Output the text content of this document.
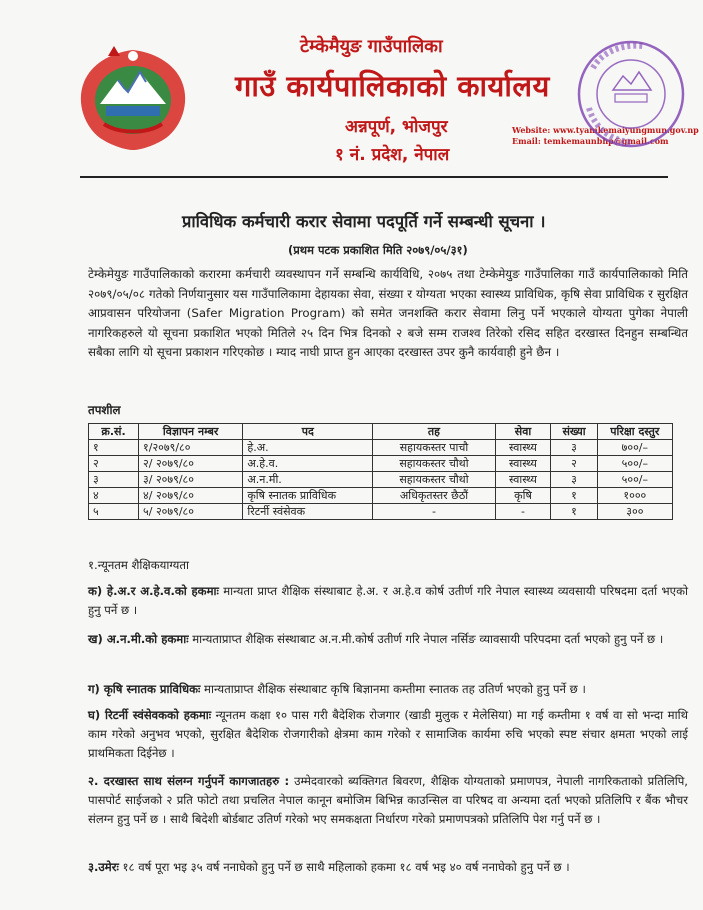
टेम्केमैयुङ गाउँपालिका
गाउँ कार्यपालिकाको कार्यालय
अन्नपूर्ण, भोजपुर
१ नं. प्रदेश, नेपाल
Website: www.tyamkemaiyungmun.gov.np
Email: temkemaunbhp@gmail.com
प्राविधिक कर्मचारी करार सेवामा पदपूर्ति गर्ने सम्बन्धी सूचना ।
(प्रथम पटक प्रकाशित मिति २०७९/०५/३१)
टेम्केमेयुङ गाउँपालिकाको करारमा कर्मचारी व्यवस्थापन गर्ने सम्बन्धि कार्यविधि, २०७५ तथा टेम्केमेयुङ गाउँपालिका गाउँ कार्यपालिकाको मिति २०७९/०५/०८ गतेको निर्णयानुसार यस गाउँपालिकामा देहायका सेवा, संख्या र योग्यता भएका स्वास्थ्य प्राविधिक, कृषि सेवा प्राविधिक र सुरक्षित आप्रवासन परियोजना (Safer Migration Program) को समेत जनशक्ति करार सेवामा लिनु पर्ने भएकाले योग्यता पुगेका नेपाली नागरिकहरुले यो सूचना प्रकाशित भएको मितिले २५ दिन भित्र दिनको २ बजे सम्म राजश्व तिरेको रसिद सहित दरखास्त दिनहुन सम्बन्धित सबैका लागि यो सूचना प्रकाशन गरिएकोछ । म्याद नाघी प्राप्त हुन आएका दरखास्त उपर कुनै कार्यवाही हुने छैन ।
तपशील
क्र.सं.	विज्ञापन नम्बर	पद	तह	सेवा	संख्या	परिक्षा दस्तुर
१	१/२०७९/८०	हे.अ.	सहायकस्तर पाचौ	स्वास्थ्य	३	७००/–
२	२/ २०७९/८०	अ.हे.व.	सहायकस्तर चौथो	स्वास्थ्य	२	५००/–
३	३/ २०७९/८०	अ.न.मी.	सहायकस्तर चौथो	स्वास्थ्य	३	५००/–
४	४/ २०७९/८०	कृषि स्नातक प्राविधिक	अधिकृतस्तर छैठौं	कृषि	१	१०००
५	५/ २०७९/८०	रिटर्नी स्वंसेवक	-	-	१	३००
१.न्यूनतम शैक्षिकयाग्यता
क) हे.अ.र अ.हे.व.को हकमाः मान्यता प्राप्त शैक्षिक संस्थाबाट हे.अ. र अ.हे.व कोर्ष उतीर्ण गरि नेपाल स्वास्थ्य व्यवसायी परिषदमा दर्ता भएको हुनु पर्ने छ ।
ख) अ.न.मी.को हकमाः मान्यताप्राप्त शैक्षिक संस्थाबाट अ.न.मी.कोर्ष उतीर्ण गरि नेपाल नर्सिङ व्यावसायी परिपदमा दर्ता भएको हुनु पर्ने छ ।
ग) कृषि स्नातक प्राविधिकः मान्यताप्राप्त शैक्षिक संस्थाबाट कृषि बिज्ञानमा कम्तीमा स्नातक तह उतिर्ण भएको हुनु पर्ने छ ।
घ) रिटर्नी स्वंसेवकको हकमाः न्यूनतम कक्षा १० पास गरी बैदेशिक रोजगार (खाडी मुलुक र मेलेसिया) मा गई कम्तीमा १ वर्ष वा सो भन्दा माथि काम गरेको अनुभव भएको, सुरक्षित बैदेशिक रोजगारीको क्षेत्रमा काम गरेको र सामाजिक कार्यमा रुचि भएको स्पष्ट संचार क्षमता भएको लाई प्राथमिकता दिईनेछ ।
२. दरखास्त साथ संलग्न गर्नुपर्ने कागजातहरु : उम्मेदवारको ब्यक्तिगत बिवरण, शैक्षिक योग्यताको प्रमाणपत्र, नेपाली नागरिकताको प्रतिलिपि, पासपोर्ट साईजको २ प्रति फोटो तथा प्रचलित नेपाल कानून बमोजिम बिभिन्न काउन्सिल वा परिषद वा अन्यमा दर्ता भएको प्रतिलिपि र बैंक भौचर संलग्न हुनु पर्ने छ । साथै बिदेशी बोर्डबाट उतिर्ण गरेको भए समकक्षता निर्धारण गरेको प्रमाणपत्रको प्रतिलिपि पेश गर्नु पर्ने छ ।
३.उमेरः १८ वर्ष पूरा भइ ३५ वर्ष ननाघेको हुनु पर्ने छ साथै महिलाको हकमा १८ वर्ष भइ ४० वर्ष ननाघेको हुनु पर्ने छ ।
